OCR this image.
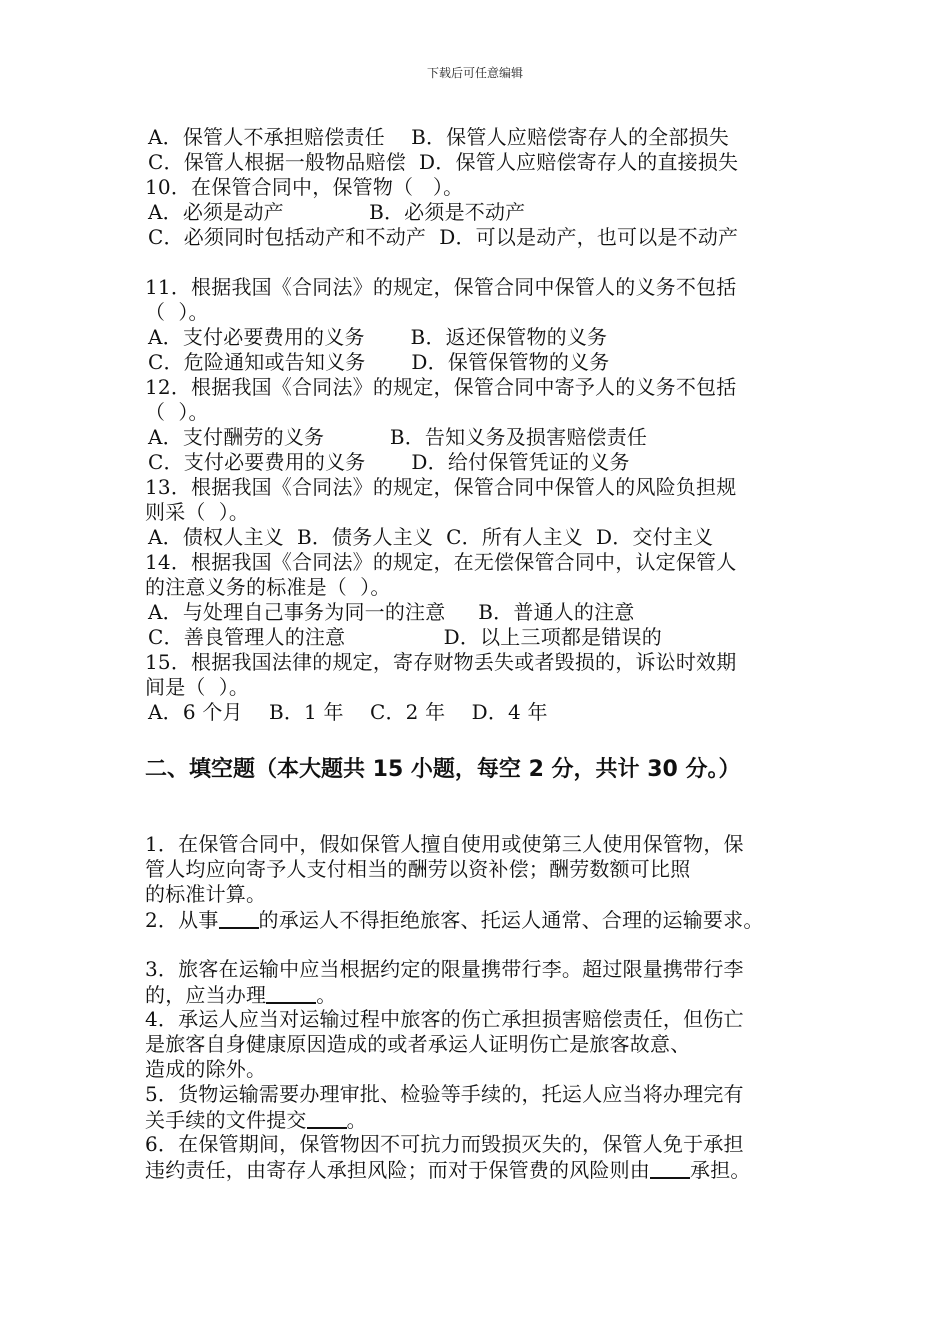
下载后可任意编辑
A．保管人不承担赔偿责任    B．保管人应赔偿寄存人的全部损失
C．保管人根据一般物品赔偿  D．保管人应赔偿寄存人的直接损失
10．在保管合同中，保管物（   ）。
A．必须是动产             B．必须是不动产
C．必须同时包括动产和不动产  D．可以是动产，也可以是不动产
11．根据我国《合同法》的规定，保管合同中保管人的义务不包括
（  ）。
A．支付必要费用的义务       B．返还保管物的义务
C．危险通知或告知义务       D．保管保管物的义务
12．根据我国《合同法》的规定，保管合同中寄予人的义务不包括
（  ）。
A．支付酬劳的义务          B．告知义务及损害赔偿责任
C．支付必要费用的义务       D．给付保管凭证的义务
13．根据我国《合同法》的规定，保管合同中保管人的风险负担规
则采（  ）。
A．债权人主义  B．债务人主义  C．所有人主义  D．交付主义
14．根据我国《合同法》的规定，在无偿保管合同中，认定保管人
的注意义务的标准是（  ）。
A．与处理自己事务为同一的注意     B．普通人的注意
C．善良管理人的注意               D．以上三项都是错误的
15．根据我国法律的规定，寄存财物丢失或者毁损的，诉讼时效期
间是（  ）。
A．6 个月    B．1 年    C．2 年    D．4 年
二、填空题（本大题共 15 小题，每空 2 分，共计 30 分。）
1．在保管合同中，假如保管人擅自使用或使第三人使用保管物，保
管人均应向寄予人支付相当的酬劳以资补偿；酬劳数额可比照
的标准计算。
2．从事 的承运人不得拒绝旅客、托运人通常、合理的运输要求。
3．旅客在运输中应当根据约定的限量携带行李。超过限量携带行李
的，应当办理	。
4．承运人应当对运输过程中旅客的伤亡承担损害赔偿责任，但伤亡
是旅客自身健康原因造成的或者承运人证明伤亡是旅客故意、
造成的除外。
5．货物运输需要办理审批、检验等手续的，托运人应当将办理完有
关手续的文件提交 。
6．在保管期间，保管物因不可抗力而毁损灭失的，保管人免于承担
违约责任，由寄存人承担风险；而对于保管费的风险则由 承担。
